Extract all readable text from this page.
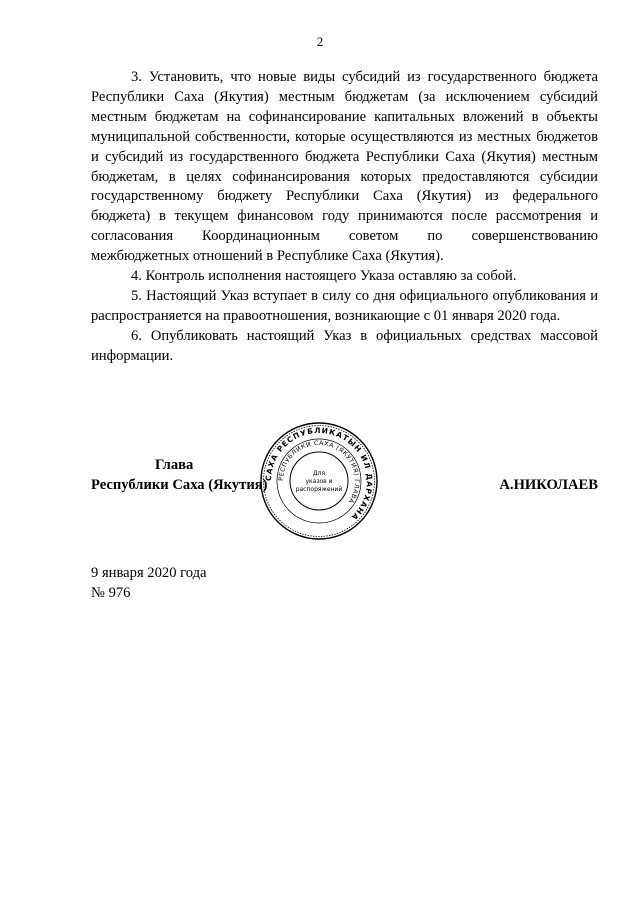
2

3. Установить, что новые виды субсидий из государственного бюджета Республики Саха (Якутия) местным бюджетам (за исключением субсидий местным бюджетам на софинансирование капитальных вложений в объекты муниципальной собственности, которые осуществляются из местных бюджетов и субсидий из государственного бюджета Республики Саха (Якутия) местным бюджетам, в целях софинансирования которых предоставляются субсидии государственному бюджету Республики Саха (Якутия) из федерального бюджета) в текущем финансовом году принимаются после рассмотрения и согласования Координационным советом по совершенствованию межбюджетных отношений в Республике Саха (Якутия).

4. Контроль исполнения настоящего Указа оставляю за собой.

5. Настоящий Указ вступает в силу со дня официального опубликования и распространяется на правоотношения, возникающие с 01 января 2020 года.

6. Опубликовать настоящий Указ в официальных средствах массовой информации.

Глава
Республики Саха (Якутия)
САХА РЕСПУБЛИКАТЫН ИЛ ДАРХАНА
РЕСПУБЛИКИ САХА (ЯКУТИЯ) ГЛАВА
Для
указов и
распоряжений	А.НИКОЛАЕВ
9 января 2020 года
№ 976
